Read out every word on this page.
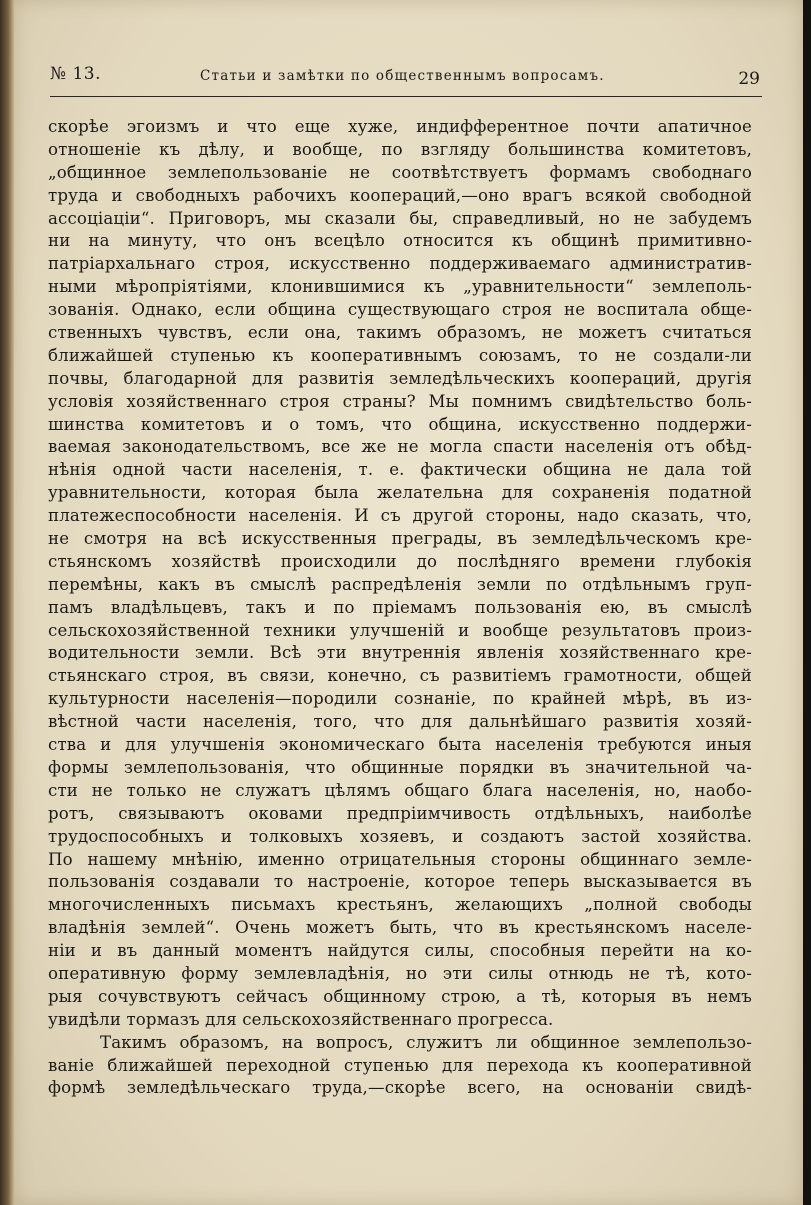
№ 13.	Статьи и замѣтки по общественнымъ вопросамъ.	29
скорѣе эгоизмъ и что еще хуже, индифферентное почти апатичное
отношеніе къ дѣлу, и вообще, по взгляду большинства комитетовъ,
„общинное землепользованіе не соотвѣтствуетъ формамъ свободнаго
труда и свободныхъ рабочихъ коопераций,—оно врагъ всякой свободной
ассоціаціи“. Приговоръ, мы сказали бы, справедливый, но не забудемъ
ни на минуту, что онъ всецѣло относится къ общинѣ примитивно-
патріархальнаго строя, искусственно поддерживаемаго административ-
ными мѣропріятіями, клонившимися къ „уравнительности“ землеполь-
зованія. Однако, если община существующаго строя не воспитала обще-
ственныхъ чувствъ, если она, такимъ образомъ, не можетъ считаться
ближайшей ступенью къ кооперативнымъ союзамъ, то не создали-ли
почвы, благодарной для развитія земледѣльческихъ коопераций, другія
условія хозяйственнаго строя страны? Мы помнимъ свидѣтельство боль-
шинства комитетовъ и о томъ, что община, искусственно поддержи-
ваемая законодательствомъ, все же не могла спасти населенія отъ обѣд-
нѣнія одной части населенія, т. е. фактически община не дала той
уравнительности, которая была желательна для сохраненія податной
платежеспособности населенія. И съ другой стороны, надо сказать, что,
не смотря на всѣ искусственныя преграды, въ земледѣльческомъ кре-
стьянскомъ хозяйствѣ происходили до послѣдняго времени глубокія
перемѣны, какъ въ смыслѣ распредѣленія земли по отдѣльнымъ груп-
памъ владѣльцевъ, такъ и по пріемамъ пользованія ею, въ смыслѣ
сельскохозяйственной техники улучшеній и вообще результатовъ произ-
водительности земли. Всѣ эти внутреннія явленія хозяйственнаго кре-
стьянскаго строя, въ связи, конечно, съ развитіемъ грамотности, общей
культурности населенія—породили сознаніе, по крайней мѣрѣ, въ из-
вѣстной части населенія, того, что для дальнѣйшаго развитія хозяй-
ства и для улучшенія экономическаго быта населенія требуются иныя
формы землепользованія, что общинные порядки въ значительной ча-
сти не только не служатъ цѣлямъ общаго блага населенія, но, наобо-
ротъ, связываютъ оковами предпріимчивость отдѣльныхъ, наиболѣе
трудоспособныхъ и толковыхъ хозяевъ, и создаютъ застой хозяйства.
По нашему мнѣнію, именно отрицательныя стороны общиннаго земле-
пользованія создавали то настроеніе, которое теперь высказывается въ
многочисленныхъ письмахъ крестьянъ, желающихъ „полной свободы
владѣнія землей“. Очень можетъ быть, что въ крестьянскомъ населе-
ніи и въ данный моментъ найдутся силы, способныя перейти на ко-
оперативную форму землевладѣнія, но эти силы отнюдь не тѣ, кото-
рыя сочувствуютъ сейчасъ общинному строю, а тѣ, которыя въ немъ
увидѣли тормазъ для сельскохозяйственнаго прогресса.
Такимъ образомъ, на вопросъ, служитъ ли общинное землепользо-
ваніе ближайшей переходной ступенью для перехода къ кооперативной
формѣ земледѣльческаго труда,—скорѣе всего, на основаніи свидѣ-
